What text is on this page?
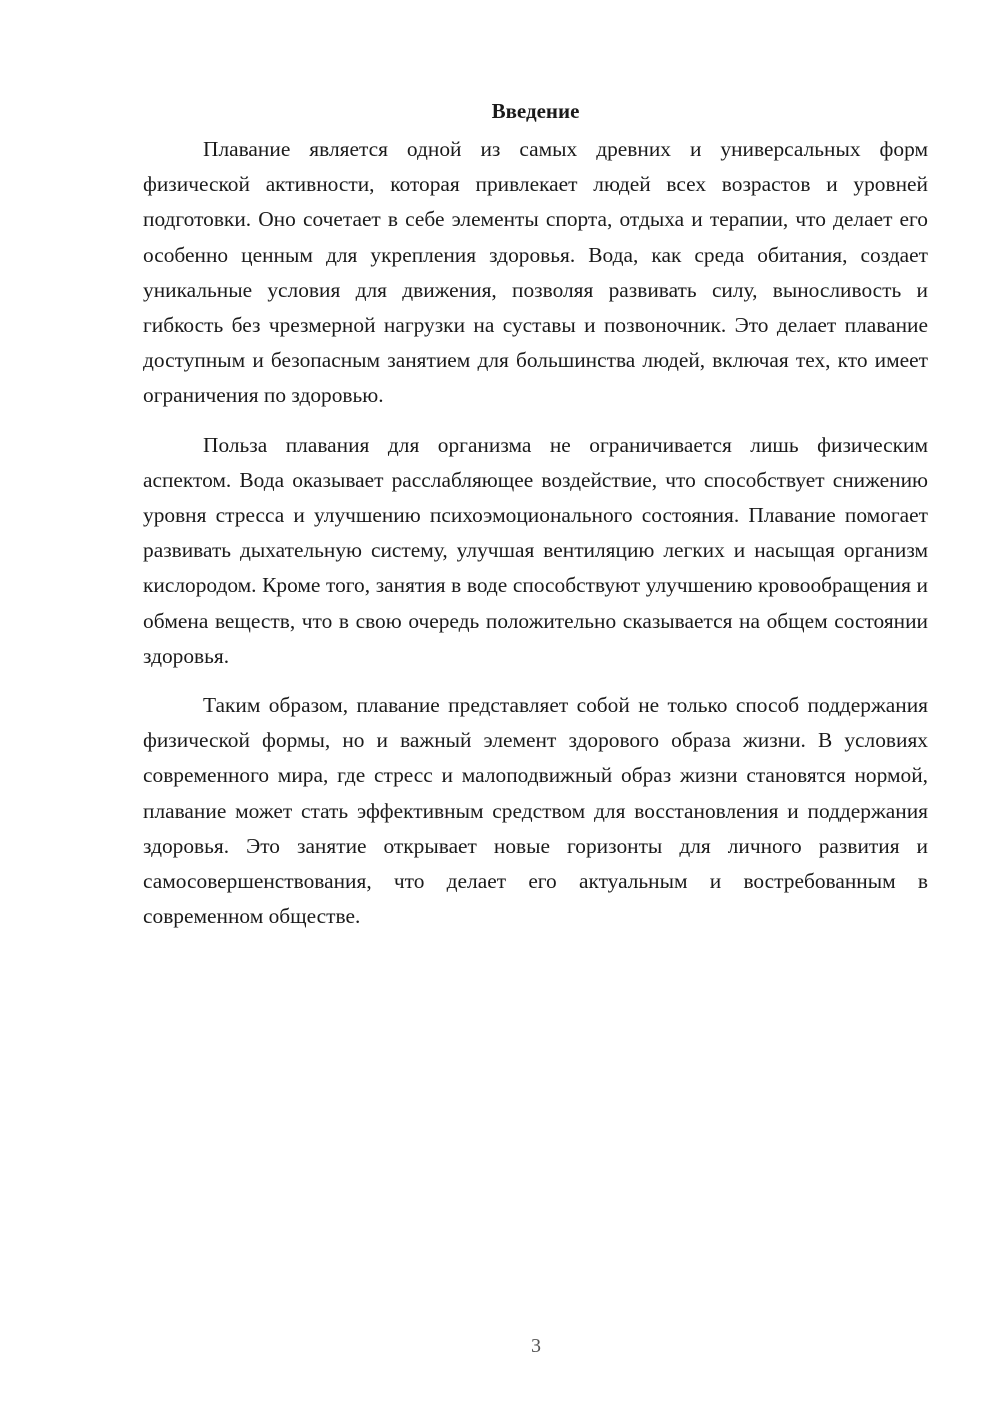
Введение

Плавание является одной из самых древних и универсальных форм физической активности, которая привлекает людей всех возрастов и уровней подготовки. Оно сочетает в себе элементы спорта, отдыха и терапии, что делает его особенно ценным для укрепления здоровья. Вода, как среда обитания, создает уникальные условия для движения, позволяя развивать силу, выносливость и гибкость без чрезмерной нагрузки на суставы и позвоночник. Это делает плавание доступным и безопасным занятием для большинства людей, включая тех, кто имеет ограничения по здоровью.

Польза плавания для организма не ограничивается лишь физическим аспектом. Вода оказывает расслабляющее воздействие, что способствует снижению уровня стресса и улучшению психоэмоционального состояния. Плавание помогает развивать дыхательную систему, улучшая вентиляцию легких и насыщая организм кислородом. Кроме того, занятия в воде способствуют улучшению кровообращения и обмена веществ, что в свою очередь положительно сказывается на общем состоянии здоровья.

Таким образом, плавание представляет собой не только способ поддержания физической формы, но и важный элемент здорового образа жизни. В условиях современного мира, где стресс и малоподвижный образ жизни становятся нормой, плавание может стать эффективным средством для восстановления и поддержания здоровья. Это занятие открывает новые горизонты для личного развития и самосовершенствования, что делает его актуальным и востребованным в современном обществе.

3
